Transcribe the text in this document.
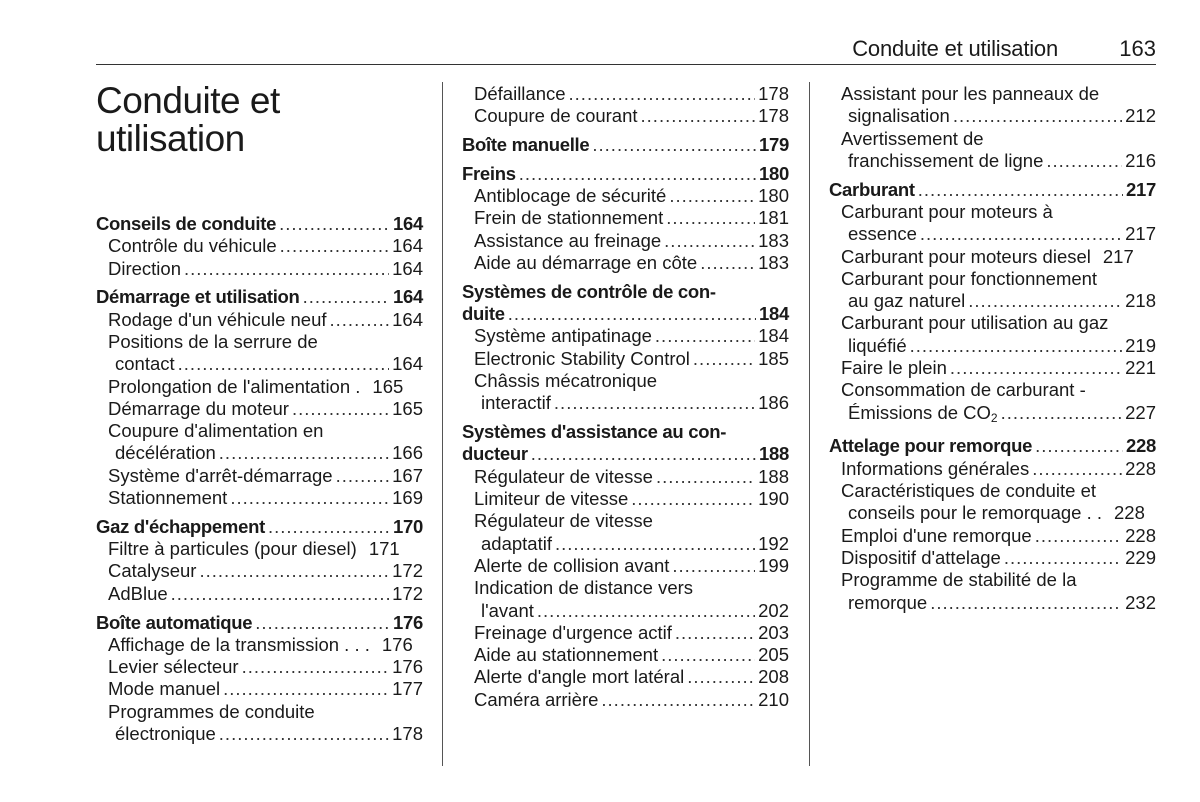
Conduite et utilisation	163
Conduite et
utilisation
Conseils de conduite .....	164
Contrôle du véhicule .....	164
Direction .....	164
Démarrage et utilisation .....	164
Rodage d'un véhicule neuf .....	164
Positions de la serrure de
contact .....	164
Prolongation de l'alimentation . 165
Démarrage du moteur .....	165
Coupure d'alimentation en
décélération .....	166
Système d'arrêt-démarrage .....	167
Stationnement .....	169
Gaz d'échappement .....	170
Filtre à particules (pour diesel) 171
Catalyseur .....	172
AdBlue .....	172
Boîte automatique .....	176
Affichage de la transmission . . . 176
Levier sélecteur .....	176
Mode manuel .....	177
Programmes de conduite
électronique .....	178
Défaillance .....	178
Coupure de courant .....	178
Boîte manuelle .....	179
Freins .....	180
Antiblocage de sécurité .....	180
Frein de stationnement .....	181
Assistance au freinage .....	183
Aide au démarrage en côte .....	183
Systèmes de contrôle de con-
duite .....	184
Système antipatinage .....	184
Electronic Stability Control .....	185
Châssis mécatronique
interactif .....	186
Systèmes d'assistance au con-
ducteur .....	188
Régulateur de vitesse .....	188
Limiteur de vitesse .....	190
Régulateur de vitesse
adaptatif .....	192
Alerte de collision avant .....	199
Indication de distance vers
l'avant .....	202
Freinage d'urgence actif .....	203
Aide au stationnement .....	205
Alerte d'angle mort latéral .....	208
Caméra arrière .....	210
Assistant pour les panneaux de
signalisation .....	212
Avertissement de
franchissement de ligne .....	216
Carburant .....	217
Carburant pour moteurs à
essence .....	217
Carburant pour moteurs diesel 217
Carburant pour fonctionnement
au gaz naturel .....	218
Carburant pour utilisation au gaz
liquéfié .....	219
Faire le plein .....	221
Consommation de carburant -
Émissions de $CO_2$ .....	227
Attelage pour remorque .....	228
Informations générales .....	228
Caractéristiques de conduite et
conseils pour le remorquage . . 228
Emploi d'une remorque .....	228
Dispositif d'attelage .....	229
Programme de stabilité de la
remorque .....	232
